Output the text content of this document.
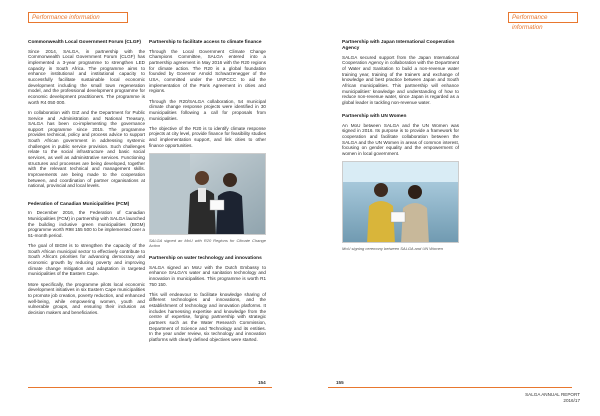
Performance information
Commonwealth Local Government Forum (CLGF)

Since 2014, SALGA, in partnership with the Commonwealth Local Government Forum (CLGF) has implemented a 3-year programme to strengthen LED capacity in South Africa. The programme aims to enhance institutional and institutional capacity to successfully facilitate sustainable local economic development including the small town regeneration model, and the professional development programme for economic development practitioners. The programme is worth R4 050 000.

In collaboration with GIZ and the Department for Public Service and Administration and National Treasury, SALGA has been co-implementing the governance support programme since 2015. The programme provides technical, policy and process advice to support South African government in addressing systemic challenges in public service provision. Such challenges relate to the social infrastructure and basic social services, as well as administrative services. Functioning structures and processes are being developed, together with the relevant technical and management skills. Improvements are being made to the cooperation between, and coordination of partner organisations at national, provincial and local levels.

Federation of Canadian Municipalities (FCM)

In December 2016, the Federation of Canadian Municipalities (FCM) in partnership with SALGA launched the building inclusive green municipalities (BIGM) programme worth R98 155 500 to be implemented over a 51-month period.

The goal of BIGM is to strengthen the capacity of the South African municipal sector to effectively contribute to South Africa's priorities for advancing democracy and economic growth by reducing poverty and improving climate change mitigation and adaptation in targeted municipalities of the Eastern Cape.

More specifically, the programme pilots local economic development initiatives in six Eastern Cape municipalities to promote job creation, poverty reduction, and enhanced well-being, while empowering women, youth and vulnerable groups, and ensuring their inclusion as decision makers and beneficiaries.

Partnership to facilitate access to climate finance

Through the Local Government Climate Change Champions Committee, SALGA entered into a partnership agreement in May 2016 with the R20 regions for climate action. The R20 is a global foundation founded by Governor Arnold Schwarzenegger of the USA, committed under the UNFCCC to aid the implementation of the Paris Agreement in cities and regions.

Through the R20/SALGA collaboration, 54 municipal climate change response projects were identified in 30 municipalities following a call for proposals from municipalities.

The objective of the R20 is to identify climate response projects at city level, provide finance for feasibility studies and implementation support, and link cities to other finance opportunities.

SALGA signed an MoU with R20 Regions for Climate Change Action
Partnership on water technology and innovations

SALGA signed an MoU with the Dutch Embassy to enhance SALGA's water and sanitation technology and innovation in municipalities. This programme is worth R1 750 150.

This will endeavour to facilitate knowledge sharing of different technologies and innovations, and the establishment of technology and innovation platforms. It includes harnessing expertise and knowledge from the centre of expertise, forging partnership with strategic partners such as the Water Research Commission, Department of Science and Technology and its entities. In the year under review, six technology and innovation platforms with clearly defined objectives were started.

154
Performance information
Partnership with Japan International Cooperation Agency

SALGA secured support from the Japan International Cooperation Agency in collaboration with the Department of Water and Sanitation to build a non-revenue water training year, training of the trainers and exchange of knowledge and best practice between Japan and South African municipalities. This partnership will enhance municipalities' knowledge and understanding of how to reduce non-revenue water, since Japan is regarded as a global leader in tackling non-revenue water.

Partnership with UN Women

An MoU between SALGA and the UN Women was signed in 2016. Its purpose is to provide a framework for cooperation and facilitate collaboration between the SALGA and the UN Women in areas of common interest, focusing on gender equality and the empowerment of women in local government.

MoU signing ceremony between SALGA and UN Women
155
SALGA ANNUAL REPORT
2016/17
